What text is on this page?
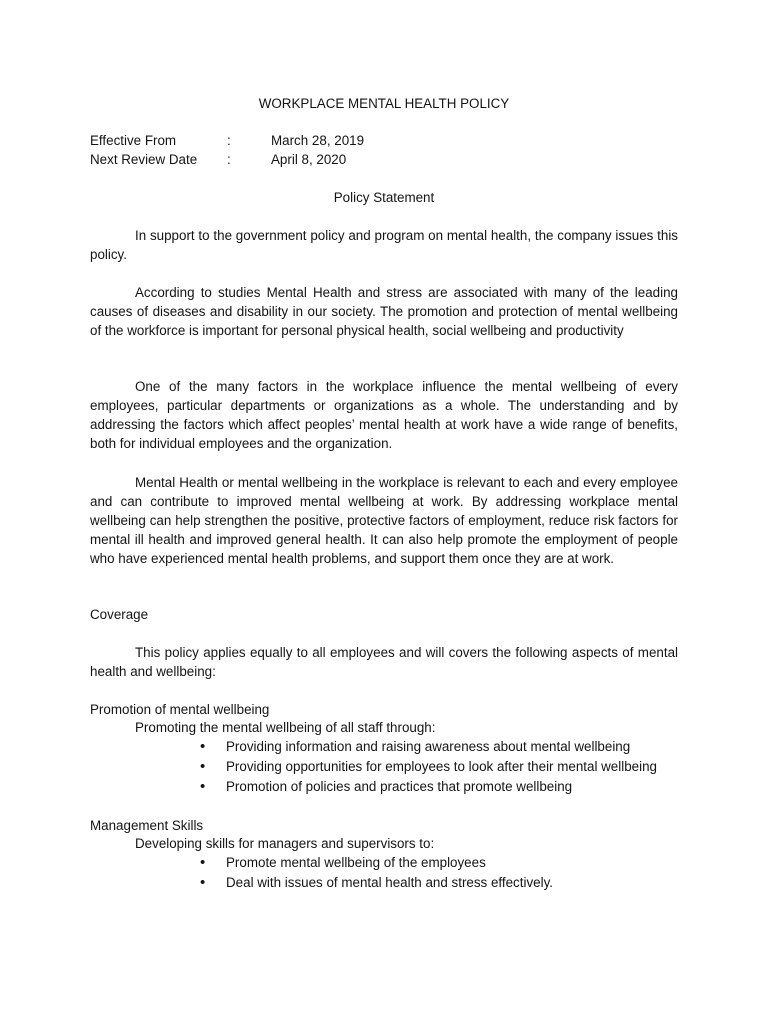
WORKPLACE MENTAL HEALTH POLICY
Effective From	:	March 28, 2019
Next Review Date :	April 8, 2020
Policy Statement

In support to the government policy and program on mental health, the company issues this policy.

According to studies Mental Health and stress are associated with many of the leading causes of diseases and disability in our society. The promotion and protection of mental wellbeing of the workforce is important for personal physical health, social wellbeing and productivity

One of the many factors in the workplace influence the mental wellbeing of every employees, particular departments or organizations as a whole. The understanding and by addressing the factors which affect peoples’ mental health at work have a wide range of benefits, both for individual employees and the organization.

Mental Health or mental wellbeing in the workplace is relevant to each and every employee and can contribute to improved mental wellbeing at work. By addressing workplace mental wellbeing can help strengthen the positive, protective factors of employment, reduce risk factors for mental ill health and improved general health. It can also help promote the employment of people who have experienced mental health problems, and support them once they are at work.

Coverage

This policy applies equally to all employees and will covers the following aspects of mental health and wellbeing:

Promotion of mental wellbeing

Promoting the mental wellbeing of all staff through:

• Providing information and raising awareness about mental wellbeing
• Providing opportunities for employees to look after their mental wellbeing
• Promotion of policies and practices that promote wellbeing

Management Skills

Developing skills for managers and supervisors to:

• Promote mental wellbeing of the employees
• Deal with issues of mental health and stress effectively.
